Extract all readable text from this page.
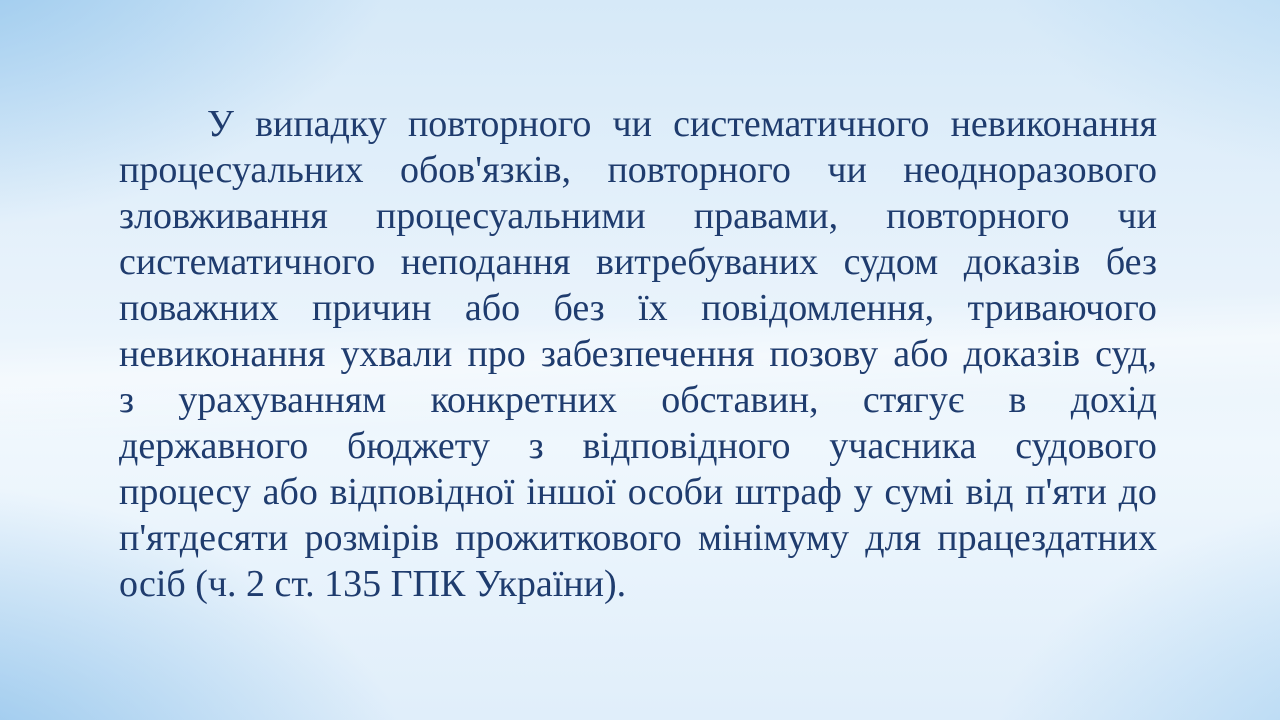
У випадку повторного чи систематичного невиконання
процесуальних обов'язків, повторного чи неодноразового
зловживання процесуальними правами, повторного чи
систематичного неподання витребуваних судом доказів без
поважних причин або без їх повідомлення, триваючого
невиконання ухвали про забезпечення позову або доказів суд,
з урахуванням конкретних обставин, стягує в дохід
державного бюджету з відповідного учасника судового
процесу або відповідної іншої особи штраф у сумі від п'яти до
п'ятдесяти розмірів прожиткового мінімуму для працездатних
осіб (ч. 2 ст. 135 ГПК України).
